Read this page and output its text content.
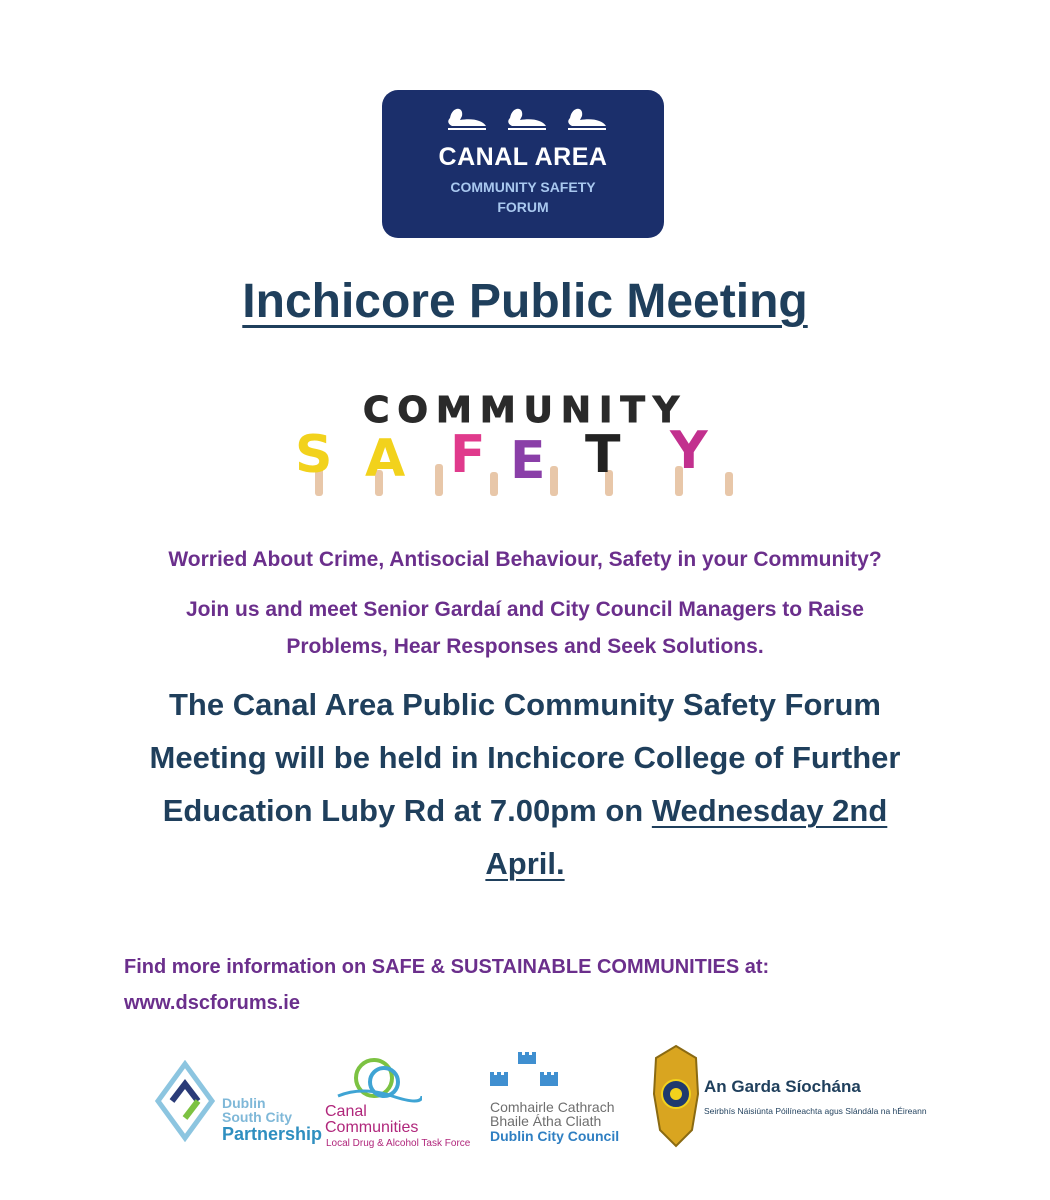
CANAL AREA
COMMUNITY SAFETY
FORUM
Inchicore Public Meeting
COMMUNITY
S A F E T Y
Worried About Crime, Antisocial Behaviour, Safety in your Community?
Join us and meet Senior Gardaí and City Council Managers to Raise
Problems, Hear Responses and Seek Solutions.
The Canal Area Public Community Safety Forum
Meeting will be held in Inchicore College of Further
Education Luby Rd at 7.00pm on Wednesday 2nd
April.
Find more information on SAFE & SUSTAINABLE COMMUNITIES at:
www.dscforums.ie
Dublin
South City
Partnership
Canal
Communities
Local Drug & Alcohol Task Force
Comhairle Cathrach
Bhaile Átha Cliath
Dublin City Council
An Garda Síochána
Seirbhís Náisiúnta Póilíneachta agus Slándála na hÉireann
